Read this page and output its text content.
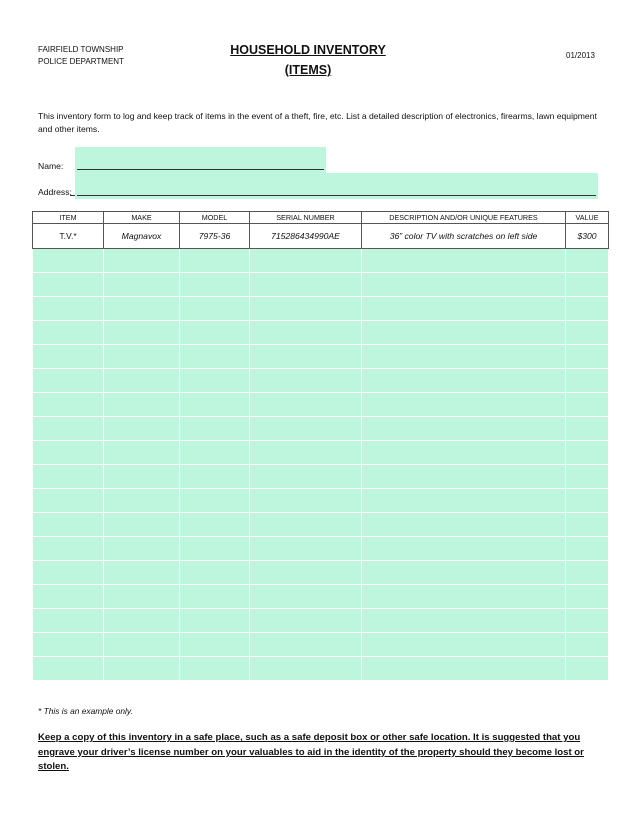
FAIRFIELD TOWNSHIP
POLICE DEPARTMENT
HOUSEHOLD INVENTORY
(ITEMS)
01/2013
This inventory form to log and keep track of items in the event of a theft, fire, etc. List a detailed description of electronics, firearms, lawn equipment and other items.
Name:
Address:
ITEM	MAKE	MODEL	SERIAL NUMBER	DESCRIPTION AND/OR UNIQUE FEATURES	VALUE
T.V.*	Magnavox	7975-36	715286434990AE	36” color TV with scratches on left side	$300

* This is an example only.
Keep a copy of this inventory in a safe place, such as a safe deposit box or other safe location. It is suggested that you engrave your driver’s license number on your valuables to aid in the identity of the property should they become lost or stolen.
